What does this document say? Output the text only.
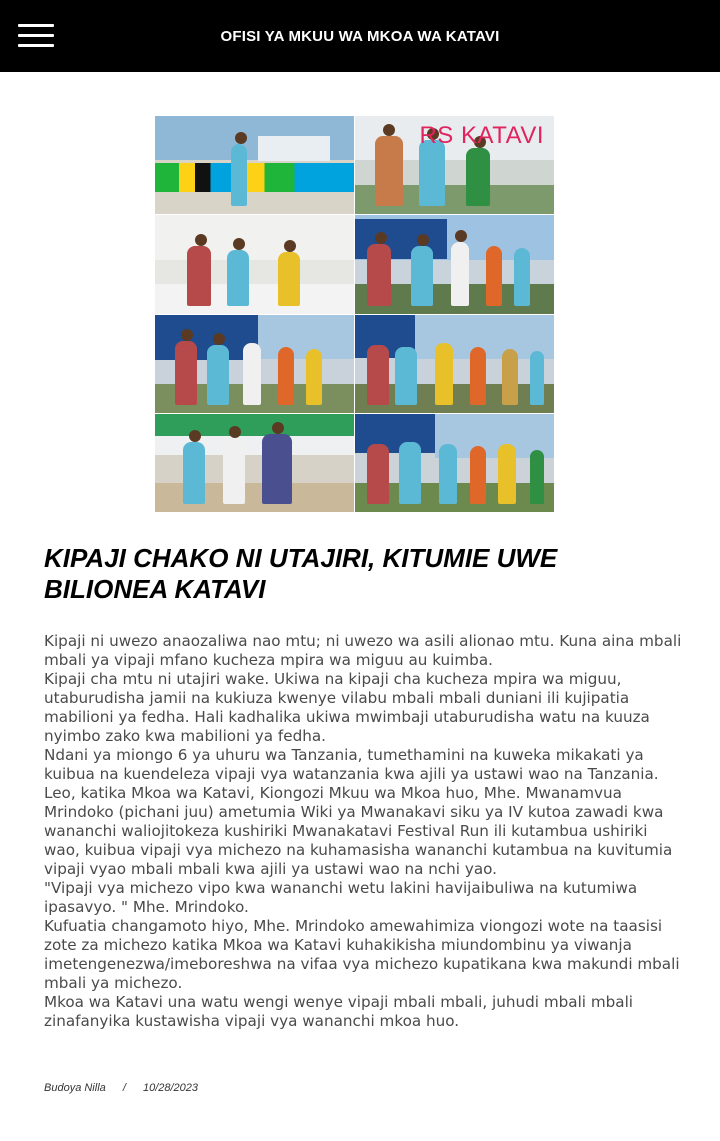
OFISI YA MKUU WA MKOA WA KATAVI
RS KATAVI
KIPAJI CHAKO NI UTAJIRI, KITUMIE UWE BILIONEA KATAVI

Kipaji ni uwezo anaozaliwa nao mtu; ni uwezo wa asili alionao mtu. Kuna aina mbali mbali ya vipaji mfano kucheza mpira wa miguu au kuimba.

Kipaji cha mtu ni utajiri wake. Ukiwa na kipaji cha kucheza mpira wa miguu, utaburudisha jamii na kukiuza kwenye vilabu mbali mbali duniani ili kujipatia mabilioni ya fedha. Hali kadhalika ukiwa mwimbaji utaburudisha watu na kuuza nyimbo zako kwa mabilioni ya fedha.

Ndani ya miongo 6 ya uhuru wa Tanzania, tumethamini na kuweka mikakati ya kuibua na kuendeleza vipaji vya watanzania kwa ajili ya ustawi wao na Tanzania.

Leo, katika Mkoa wa Katavi, Kiongozi Mkuu wa Mkoa huo, Mhe. Mwanamvua Mrindoko (pichani juu) ametumia Wiki ya Mwanakavi siku ya IV kutoa zawadi kwa wananchi waliojitokeza kushiriki Mwanakatavi Festival Run ili kutambua ushiriki wao, kuibua vipaji vya michezo na kuhamasisha wananchi kutambua na kuvitumia vipaji vyao mbali mbali kwa ajili ya ustawi wao na nchi yao.

"Vipaji vya michezo vipo kwa wananchi wetu lakini havijaibuliwa na kutumiwa ipasavyo. " Mhe. Mrindoko.

Kufuatia changamoto hiyo, Mhe. Mrindoko amewahimiza viongozi wote na taasisi zote za michezo katika Mkoa wa Katavi kuhakikisha miundombinu ya viwanja imetengenezwa/imeboreshwa na vifaa vya michezo kupatikana kwa makundi mbali mbali ya michezo.

Mkoa wa Katavi una watu wengi wenye vipaji mbali mbali, juhudi mbali mbali zinafanyika kustawisha vipaji vya wananchi mkoa huo.

Budoya Nilla / 10/28/2023
